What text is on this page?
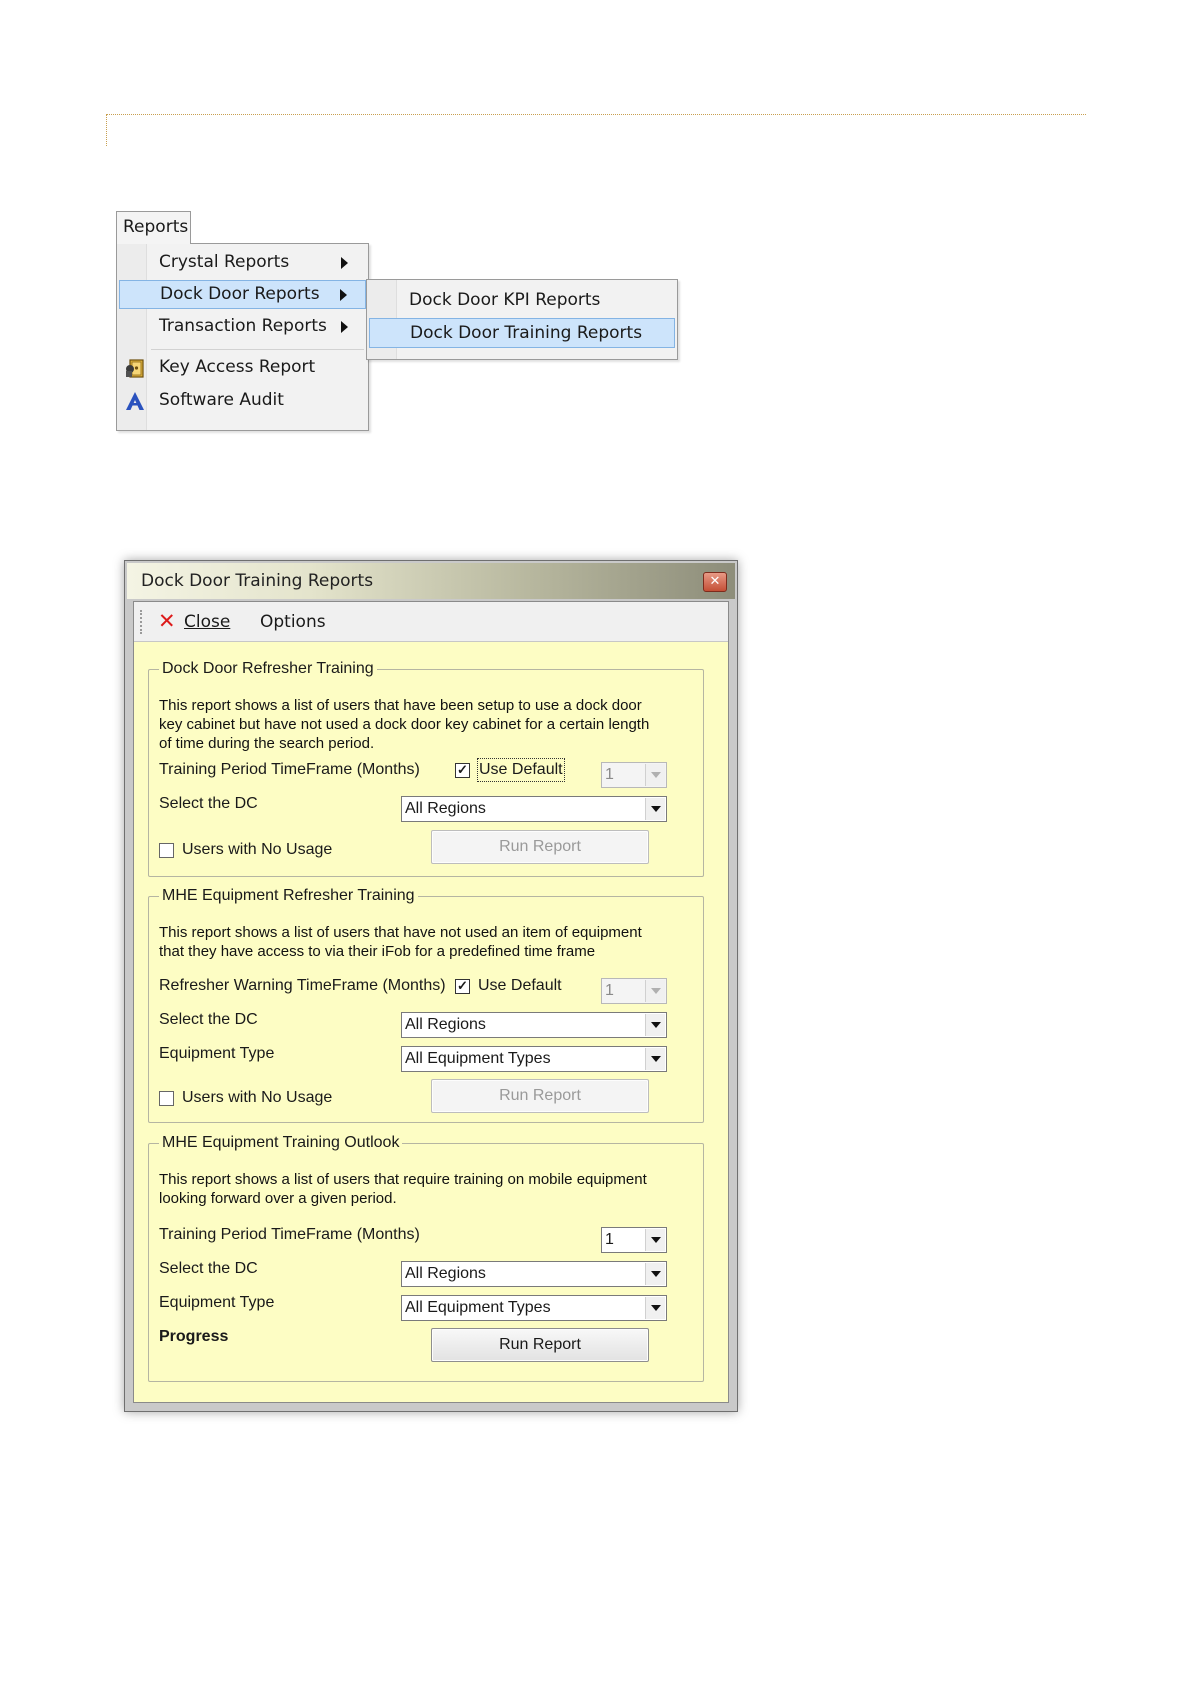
Reports
Crystal Reports
Dock Door Reports
Transaction Reports
Key Access Report
Software Audit
Dock Door KPI Reports
Dock Door Training Reports
Dock Door Training Reports	✕
✕ Close	Options
Dock Door Refresher Training
This report shows a list of users that have been setup to use a dock door
key cabinet but have not used a dock door key cabinet for a certain length
of time during the search period.
Training Period TimeFrame (Months)	✓ Use Default	1
Select the DC	All Regions
Users with No Usage	Run Report
MHE Equipment Refresher Training
This report shows a list of users that have not used an item of equipment
that they have access to via their iFob for a predefined time frame
Refresher Warning TimeFrame (Months) ✓ Use Default	1
Select the DC	All Regions
Equipment Type	All Equipment Types
Users with No Usage	Run Report
MHE Equipment Training Outlook
This report shows a list of users that require training on mobile equipment
looking forward over a given period.
Training Period TimeFrame (Months)	1
Select the DC	All Regions
Equipment Type	All Equipment Types
Progress	Run Report
